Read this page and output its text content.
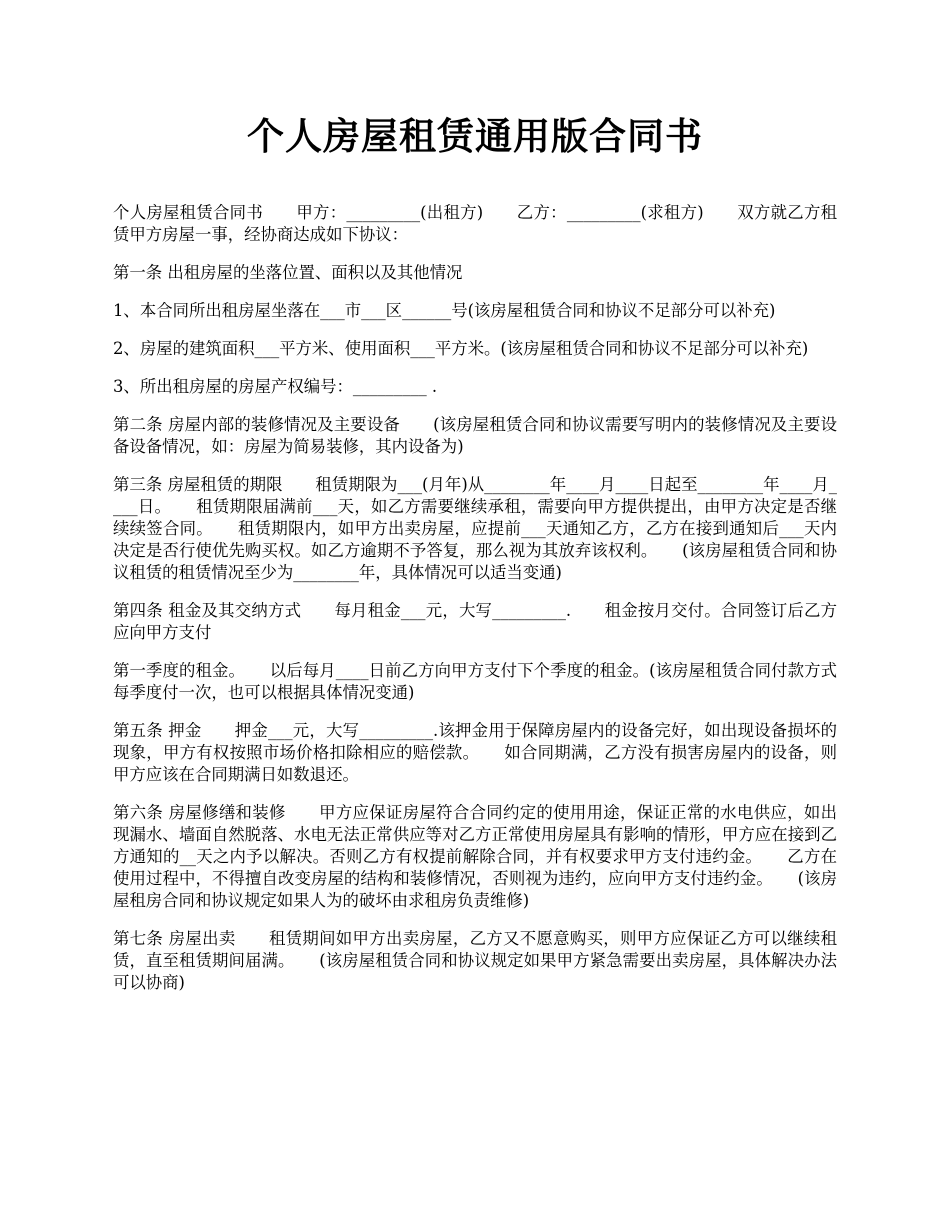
个人房屋租赁通用版合同书

个人房屋租赁合同书　　甲方：_________(出租方)　　乙方：_________(求租方)　　双方就乙方租赁甲方房屋一事，经协商达成如下协议：

第一条 出租房屋的坐落位置、面积以及其他情况

1、本合同所出租房屋坐落在___市___区______号(该房屋租赁合同和协议不足部分可以补充)

2、房屋的建筑面积___平方米、使用面积___平方米。(该房屋租赁合同和协议不足部分可以补充)

3、所出租房屋的房屋产权编号：_________ .

第二条 房屋内部的装修情况及主要设备　　(该房屋租赁合同和协议需要写明内的装修情况及主要设备设备情况，如：房屋为简易装修，其内设备为)

第三条 房屋租赁的期限　　租赁期限为___(月年)从________年____月____日起至________年____月____日。　　租赁期限届满前___天，如乙方需要继续承租，需要向甲方提供提出，由甲方决定是否继续续签合同。　　租赁期限内，如甲方出卖房屋，应提前___天通知乙方，乙方在接到通知后___天内决定是否行使优先购买权。如乙方逾期不予答复，那么视为其放弃该权利。　　(该房屋租赁合同和协议租赁的租赁情况至少为________年，具体情况可以适当变通)

第四条 租金及其交纳方式　　每月租金___元，大写_________.　　租金按月交付。合同签订后乙方应向甲方支付

第一季度的租金。　　以后每月____日前乙方向甲方支付下个季度的租金。(该房屋租赁合同付款方式每季度付一次，也可以根据具体情况变通)

第五条 押金　　押金___元，大写_________.该押金用于保障房屋内的设备完好，如出现设备损坏的现象，甲方有权按照市场价格扣除相应的赔偿款。　　如合同期满，乙方没有损害房屋内的设备，则甲方应该在合同期满日如数退还。

第六条 房屋修缮和装修　　甲方应保证房屋符合合同约定的使用用途，保证正常的水电供应，如出现漏水、墙面自然脱落、水电无法正常供应等对乙方正常使用房屋具有影响的情形，甲方应在接到乙方通知的__天之内予以解决。否则乙方有权提前解除合同，并有权要求甲方支付违约金。　　乙方在使用过程中，不得擅自改变房屋的结构和装修情况，否则视为违约，应向甲方支付违约金。　　(该房屋租房合同和协议规定如果人为的破坏由求租房负责维修)

第七条 房屋出卖　　租赁期间如甲方出卖房屋，乙方又不愿意购买，则甲方应保证乙方可以继续租赁，直至租赁期间届满。　　(该房屋租赁合同和协议规定如果甲方紧急需要出卖房屋，具体解决办法可以协商)
